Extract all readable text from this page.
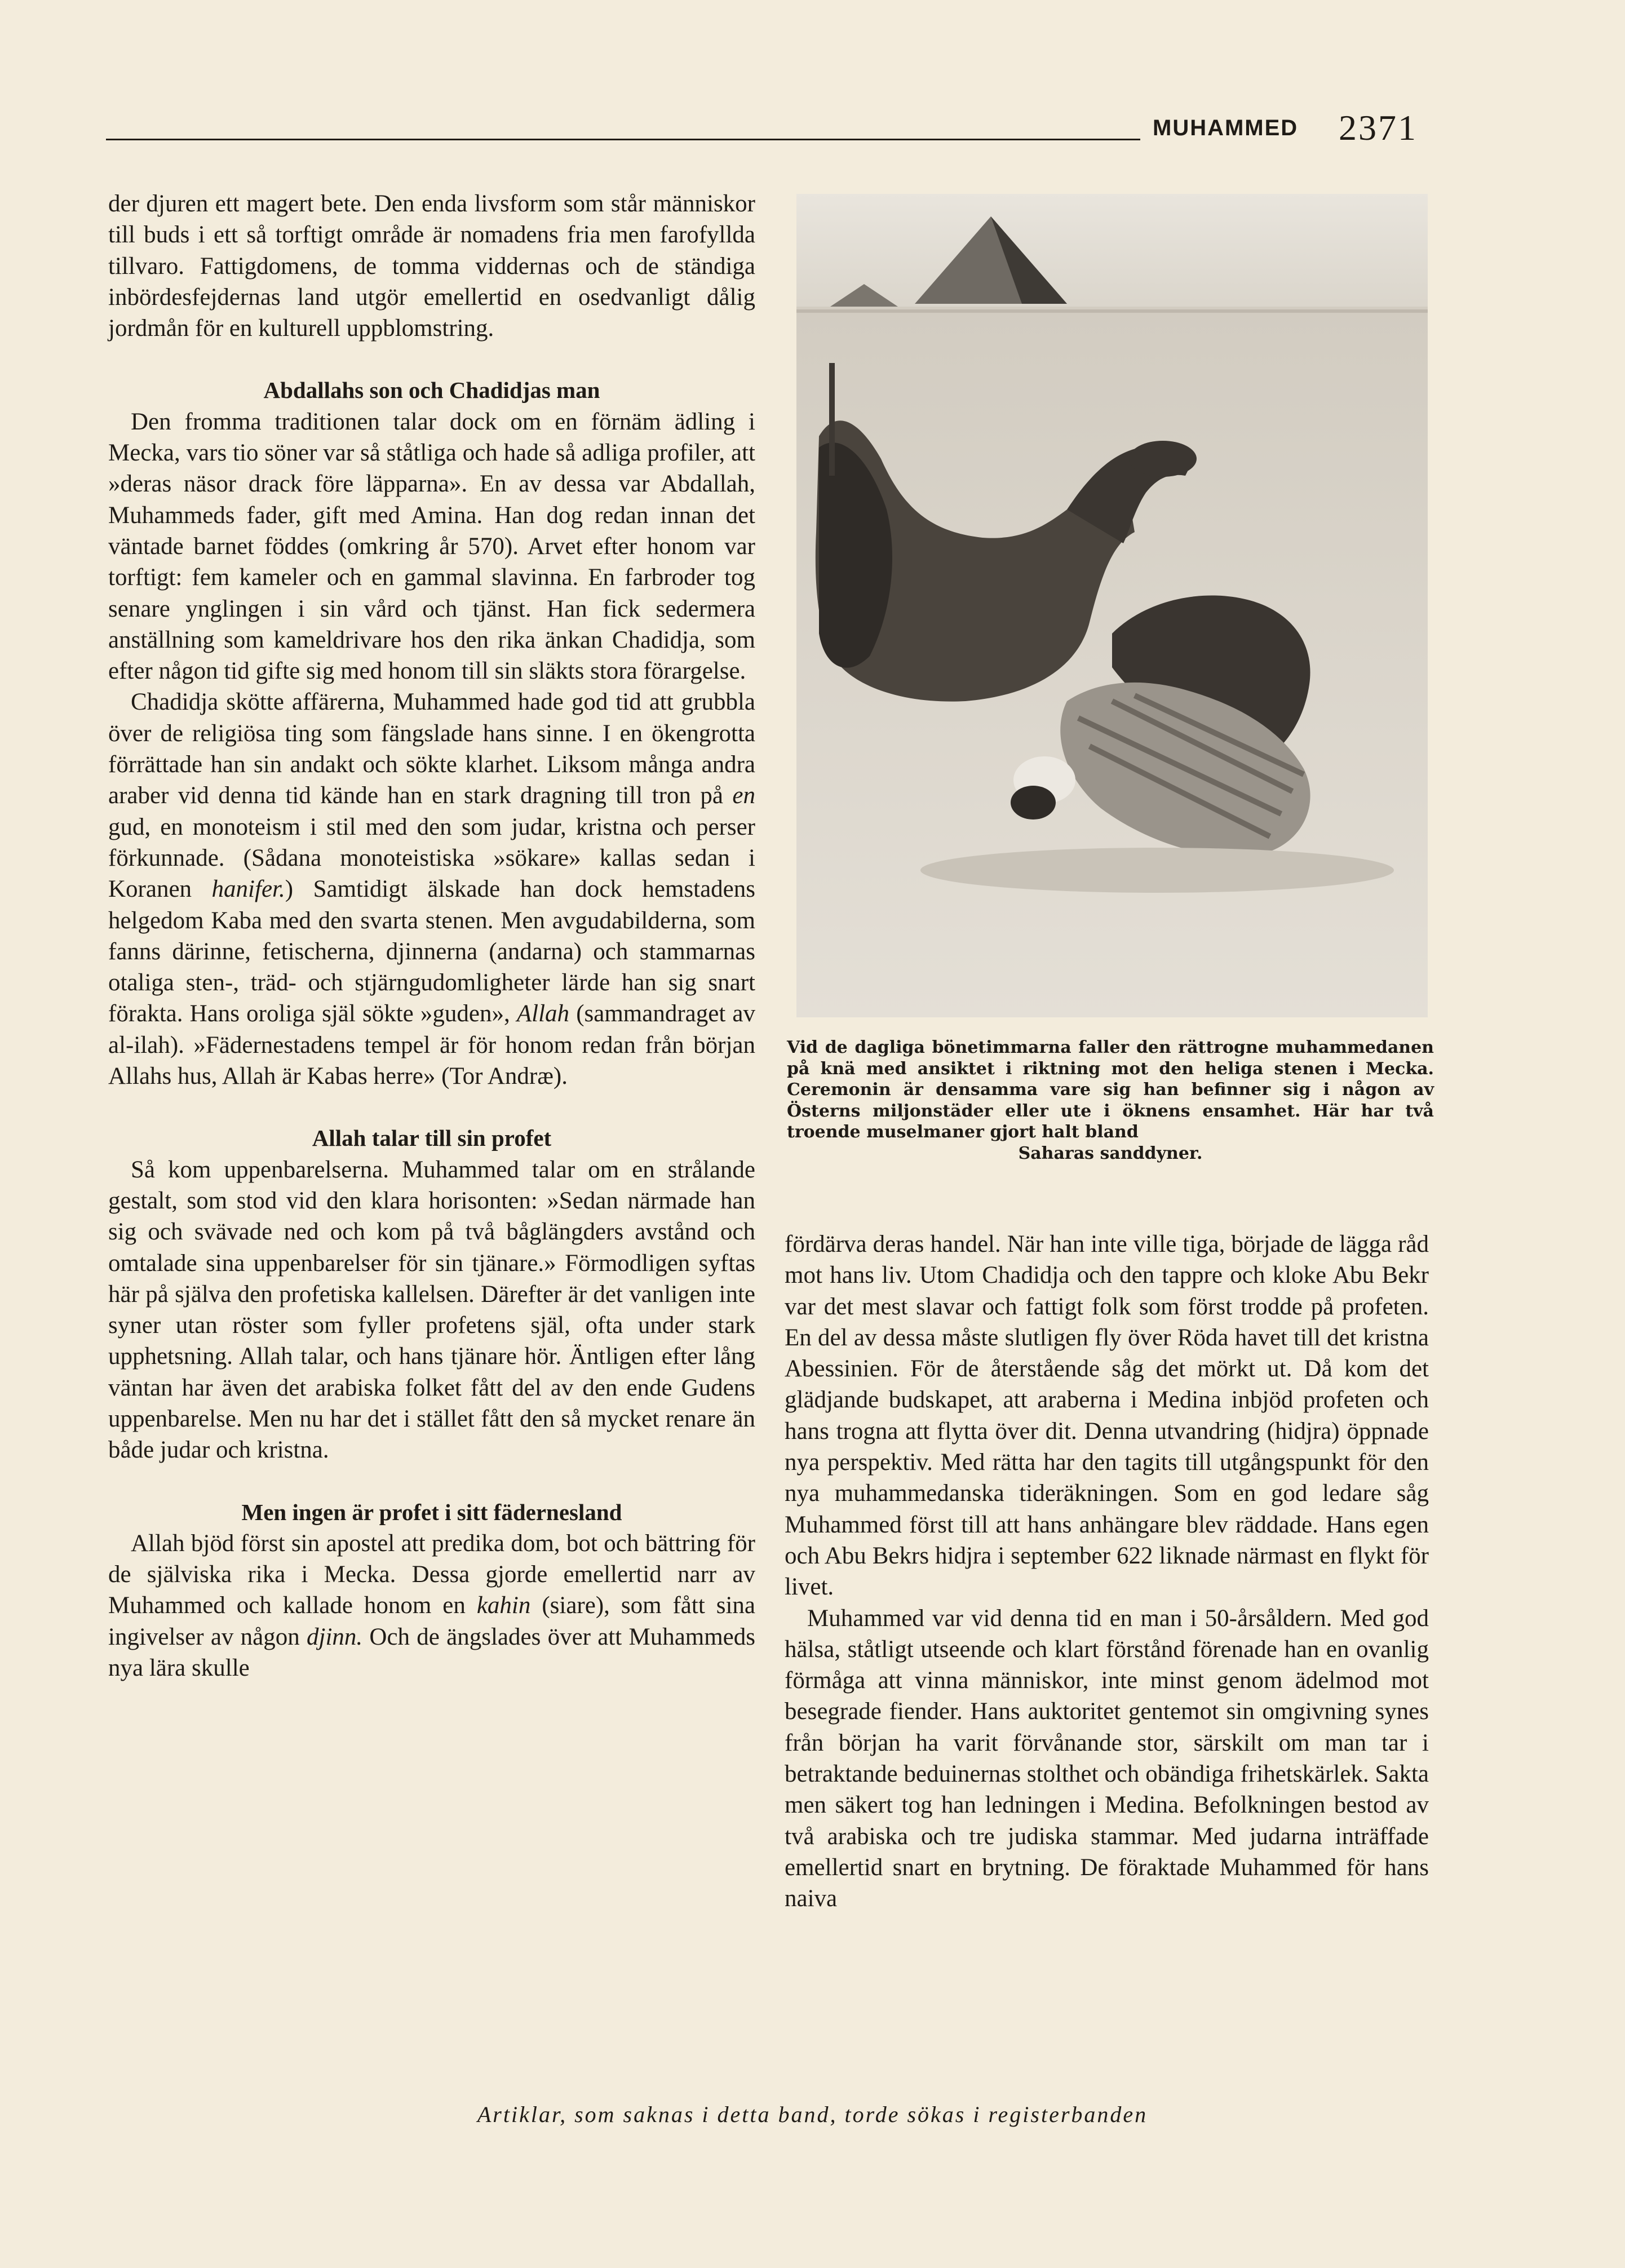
MUHAMMED 2371

der djuren ett magert bete. Den enda livsform som står människor till buds i ett så torftigt område är nomadens fria men farofyllda tillvaro. Fattigdomens, de tomma viddernas och de ständiga inbördesfejdernas land utgör emellertid en osedvanligt dålig jordmån för en kulturell uppblomstring.

Abdallahs son och Chadidjas man

Den fromma traditionen talar dock om en förnäm ädling i Mecka, vars tio söner var så ståtliga och hade så adliga profiler, att »deras näsor drack före läpparna». En av dessa var Abdallah, Muhammeds fader, gift med Amina. Han dog redan innan det väntade barnet föddes (omkring år 570). Arvet efter honom var torftigt: fem kameler och en gammal slavinna. En farbroder tog senare ynglingen i sin vård och tjänst. Han fick sedermera anställning som kameldrivare hos den rika änkan Chadidja, som efter någon tid gifte sig med honom till sin släkts stora förargelse.

Chadidja skötte affärerna, Muhammed hade god tid att grubbla över de religiösa ting som fängslade hans sinne. I en ökengrotta förrättade han sin andakt och sökte klarhet. Liksom många andra araber vid denna tid kände han en stark dragning till tron på en gud, en monoteism i stil med den som judar, kristna och perser förkunnade. (Sådana monoteistiska »sökare» kallas sedan i Koranen hanifer.) Samtidigt älskade han dock hemstadens helgedom Kaba med den svarta stenen. Men avgudabilderna, som fanns därinne, fetischerna, djinnerna (andarna) och stammarnas otaliga sten-, träd- och stjärngudomligheter lärde han sig snart förakta. Hans oroliga själ sökte »guden», Allah (sammandraget av al-ilah). »Fädernestadens tempel är för honom redan från början Allahs hus, Allah är Kabas herre» (Tor Andræ).

Allah talar till sin profet

Så kom uppenbarelserna. Muhammed talar om en strålande gestalt, som stod vid den klara horisonten: »Sedan närmade han sig och svävade ned och kom på två båglängders avstånd och omtalade sina uppenbarelser för sin tjänare.» Förmodligen syftas här på själva den profetiska kallelsen. Därefter är det vanligen inte syner utan röster som fyller profetens själ, ofta under stark upphetsning. Allah talar, och hans tjänare hör. Äntligen efter lång väntan har även det arabiska folket fått del av den ende Gudens uppenbarelse. Men nu har det i stället fått den så mycket renare än både judar och kristna.

Men ingen är profet i sitt fädernesland

Allah bjöd först sin apostel att predika dom, bot och bättring för de själviska rika i Mecka. Dessa gjorde emellertid narr av Muhammed och kallade honom en kahin (siare), som fått sina ingivelser av någon djinn. Och de ängslades över att Muhammeds nya lära skulle

Vid de dagliga bönetimmarna faller den rättrogne muhammedanen på knä med ansiktet i riktning mot den heliga stenen i Mecka. Ceremonin är densamma vare sig han befinner sig i någon av Österns miljonstäder eller ute i öknens ensamhet. Här har två troende muselmaner gjort halt bland
Saharas sanddyner.

fördärva deras handel. När han inte ville tiga, började de lägga råd mot hans liv. Utom Chadidja och den tappre och kloke Abu Bekr var det mest slavar och fattigt folk som först trodde på profeten. En del av dessa måste slutligen fly över Röda havet till det kristna Abessinien. För de återstående såg det mörkt ut. Då kom det glädjande budskapet, att araberna i Medina inbjöd profeten och hans trogna att flytta över dit. Denna utvandring (hidjra) öppnade nya perspektiv. Med rätta har den tagits till utgångspunkt för den nya muhammedanska tideräkningen. Som en god ledare såg Muhammed först till att hans anhängare blev räddade. Hans egen och Abu Bekrs hidjra i september 622 liknade närmast en flykt för livet.

Muhammed var vid denna tid en man i 50-årsåldern. Med god hälsa, ståtligt utseende och klart förstånd förenade han en ovanlig förmåga att vinna människor, inte minst genom ädelmod mot besegrade fiender. Hans auktoritet gentemot sin omgivning synes från början ha varit förvånande stor, särskilt om man tar i betraktande beduinernas stolthet och obändiga frihetskärlek. Sakta men säkert tog han ledningen i Medina. Befolkningen bestod av två arabiska och tre judiska stammar. Med judarna inträffade emellertid snart en brytning. De föraktade Muhammed för hans naiva

Artiklar, som saknas i detta band, torde sökas i registerbanden
